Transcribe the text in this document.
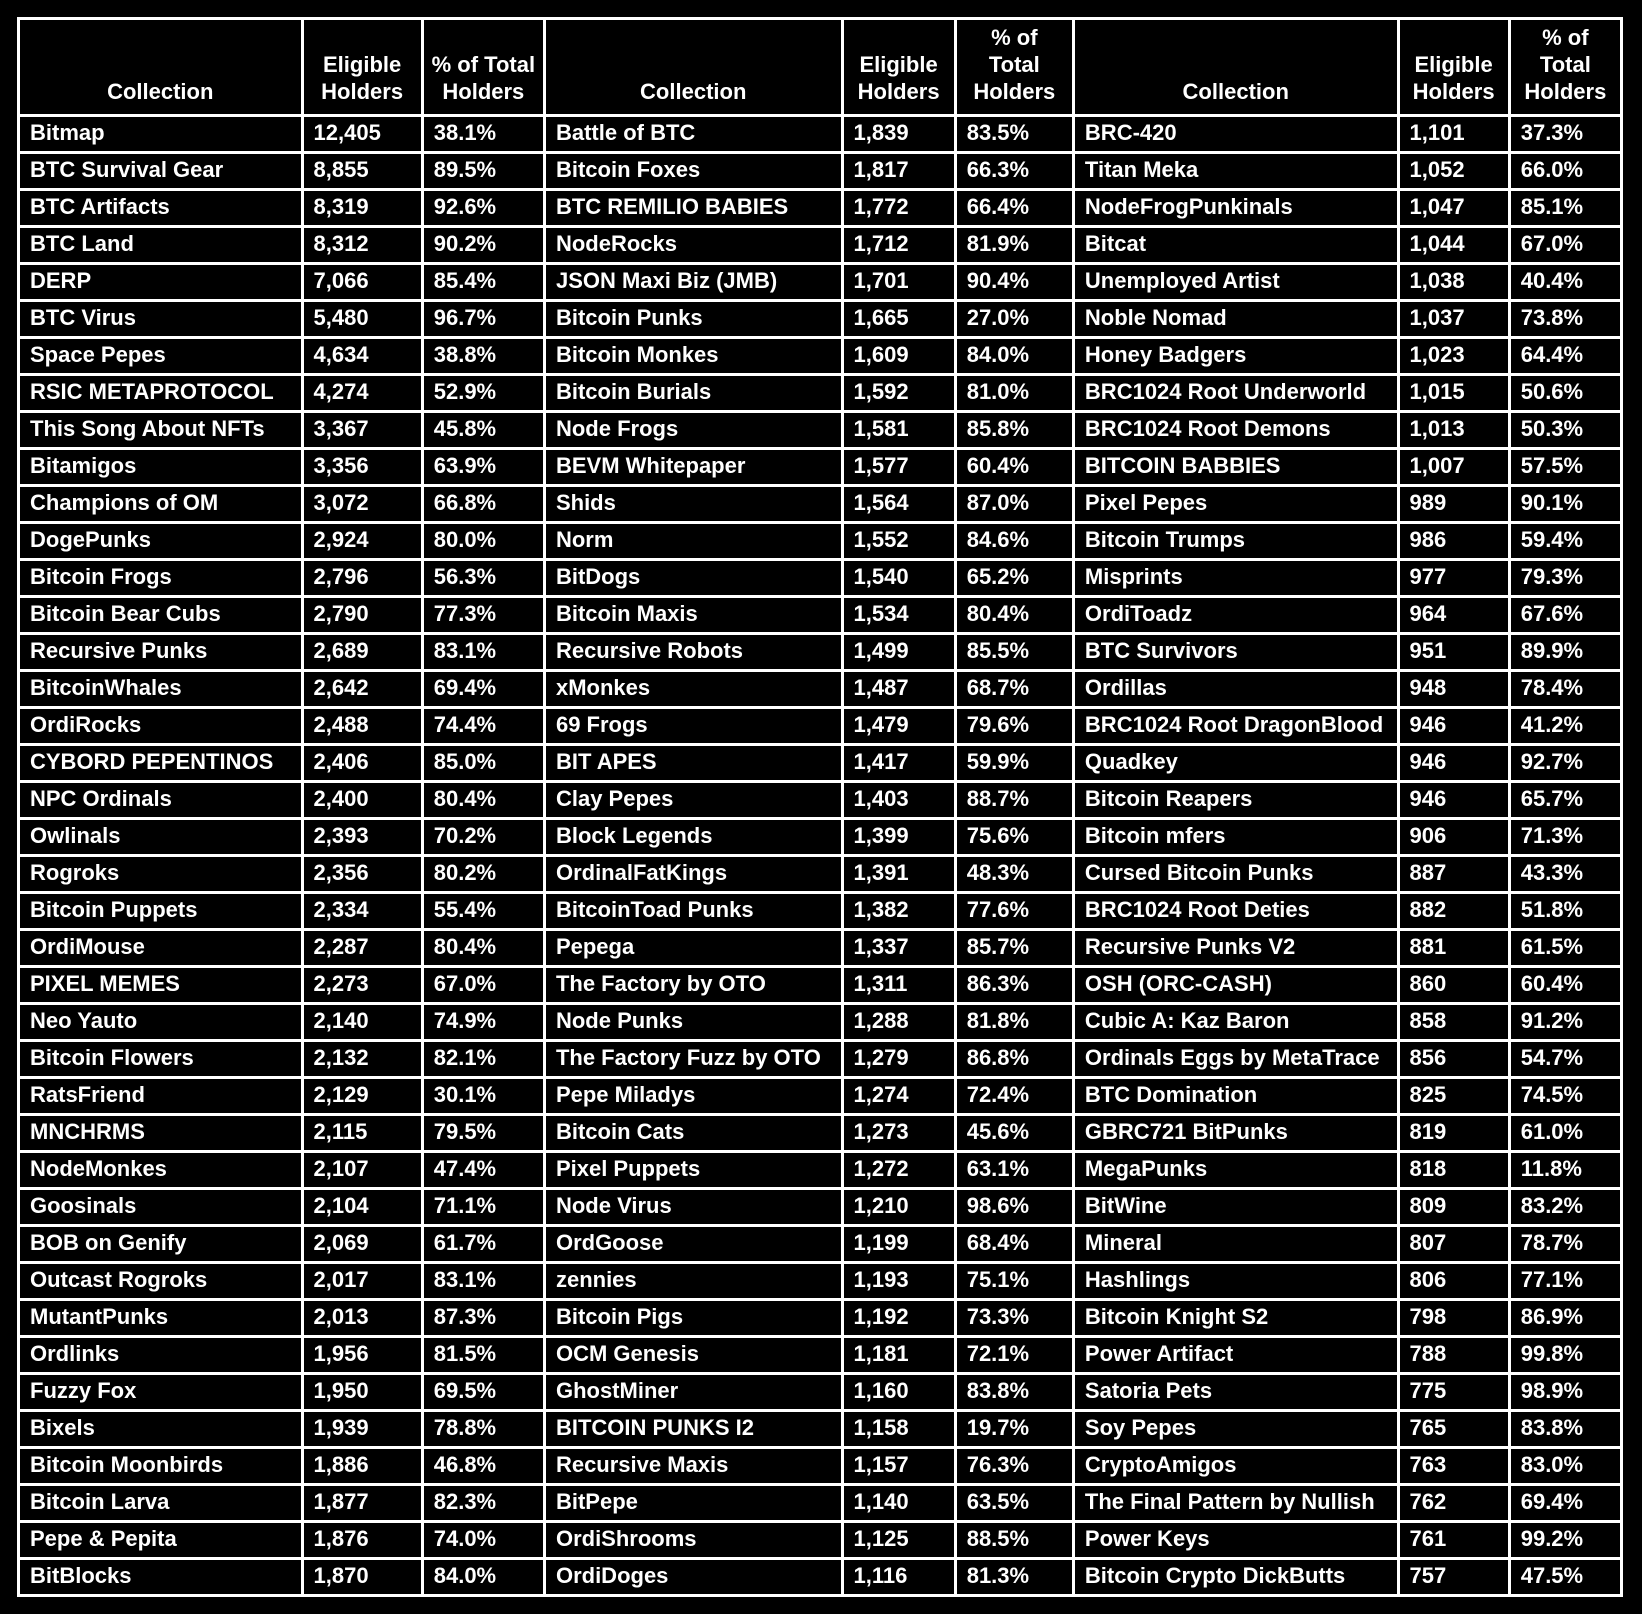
Collection	Eligible Holders	% of Total Holders	Collection	Eligible Holders	% of Total Holders	Collection	Eligible Holders	% of Total Holders
Bitmap	12,405	38.1%	Battle of BTC	1,839	83.5%	BRC-420	1,101	37.3%
BTC Survival Gear	8,855	89.5%	Bitcoin Foxes	1,817	66.3%	Titan Meka	1,052	66.0%
BTC Artifacts	8,319	92.6%	BTC REMILIO BABIES	1,772	66.4%	NodeFrogPunkinals	1,047	85.1%
BTC Land	8,312	90.2%	NodeRocks	1,712	81.9%	Bitcat	1,044	67.0%
DERP	7,066	85.4%	JSON Maxi Biz (JMB)	1,701	90.4%	Unemployed Artist	1,038	40.4%
BTC Virus	5,480	96.7%	Bitcoin Punks	1,665	27.0%	Noble Nomad	1,037	73.8%
Space Pepes	4,634	38.8%	Bitcoin Monkes	1,609	84.0%	Honey Badgers	1,023	64.4%
RSIC METAPROTOCOL	4,274	52.9%	Bitcoin Burials	1,592	81.0%	BRC1024 Root Underworld	1,015	50.6%
This Song About NFTs	3,367	45.8%	Node Frogs	1,581	85.8%	BRC1024 Root Demons	1,013	50.3%
Bitamigos	3,356	63.9%	BEVM Whitepaper	1,577	60.4%	BITCOIN BABBIES	1,007	57.5%
Champions of OM	3,072	66.8%	Shids	1,564	87.0%	Pixel Pepes	989	90.1%
DogePunks	2,924	80.0%	Norm	1,552	84.6%	Bitcoin Trumps	986	59.4%
Bitcoin Frogs	2,796	56.3%	BitDogs	1,540	65.2%	Misprints	977	79.3%
Bitcoin Bear Cubs	2,790	77.3%	Bitcoin Maxis	1,534	80.4%	OrdiToadz	964	67.6%
Recursive Punks	2,689	83.1%	Recursive Robots	1,499	85.5%	BTC Survivors	951	89.9%
BitcoinWhales	2,642	69.4%	xMonkes	1,487	68.7%	Ordillas	948	78.4%
OrdiRocks	2,488	74.4%	69 Frogs	1,479	79.6%	BRC1024 Root DragonBlood	946	41.2%
CYBORD PEPENTINOS	2,406	85.0%	BIT APES	1,417	59.9%	Quadkey	946	92.7%
NPC Ordinals	2,400	80.4%	Clay Pepes	1,403	88.7%	Bitcoin Reapers	946	65.7%
Owlinals	2,393	70.2%	Block Legends	1,399	75.6%	Bitcoin mfers	906	71.3%
Rogroks	2,356	80.2%	OrdinalFatKings	1,391	48.3%	Cursed Bitcoin Punks	887	43.3%
Bitcoin Puppets	2,334	55.4%	BitcoinToad Punks	1,382	77.6%	BRC1024 Root Deties	882	51.8%
OrdiMouse	2,287	80.4%	Pepega	1,337	85.7%	Recursive Punks V2	881	61.5%
PIXEL MEMES	2,273	67.0%	The Factory by OTO	1,311	86.3%	OSH (ORC-CASH)	860	60.4%
Neo Yauto	2,140	74.9%	Node Punks	1,288	81.8%	Cubic A: Kaz Baron	858	91.2%
Bitcoin Flowers	2,132	82.1%	The Factory Fuzz by OTO	1,279	86.8%	Ordinals Eggs by MetaTrace	856	54.7%
RatsFriend	2,129	30.1%	Pepe Miladys	1,274	72.4%	BTC Domination	825	74.5%
MNCHRMS	2,115	79.5%	Bitcoin Cats	1,273	45.6%	GBRC721 BitPunks	819	61.0%
NodeMonkes	2,107	47.4%	Pixel Puppets	1,272	63.1%	MegaPunks	818	11.8%
Goosinals	2,104	71.1%	Node Virus	1,210	98.6%	BitWine	809	83.2%
BOB on Genify	2,069	61.7%	OrdGoose	1,199	68.4%	Mineral	807	78.7%
Outcast Rogroks	2,017	83.1%	zennies	1,193	75.1%	Hashlings	806	77.1%
MutantPunks	2,013	87.3%	Bitcoin Pigs	1,192	73.3%	Bitcoin Knight S2	798	86.9%
Ordlinks	1,956	81.5%	OCM Genesis	1,181	72.1%	Power Artifact	788	99.8%
Fuzzy Fox	1,950	69.5%	GhostMiner	1,160	83.8%	Satoria Pets	775	98.9%
Bixels	1,939	78.8%	BITCOIN PUNKS I2	1,158	19.7%	Soy Pepes	765	83.8%
Bitcoin Moonbirds	1,886	46.8%	Recursive Maxis	1,157	76.3%	CryptoAmigos	763	83.0%
Bitcoin Larva	1,877	82.3%	BitPepe	1,140	63.5%	The Final Pattern by Nullish	762	69.4%
Pepe & Pepita	1,876	74.0%	OrdiShrooms	1,125	88.5%	Power Keys	761	99.2%
BitBlocks	1,870	84.0%	OrdiDoges	1,116	81.3%	Bitcoin Crypto DickButts	757	47.5%
